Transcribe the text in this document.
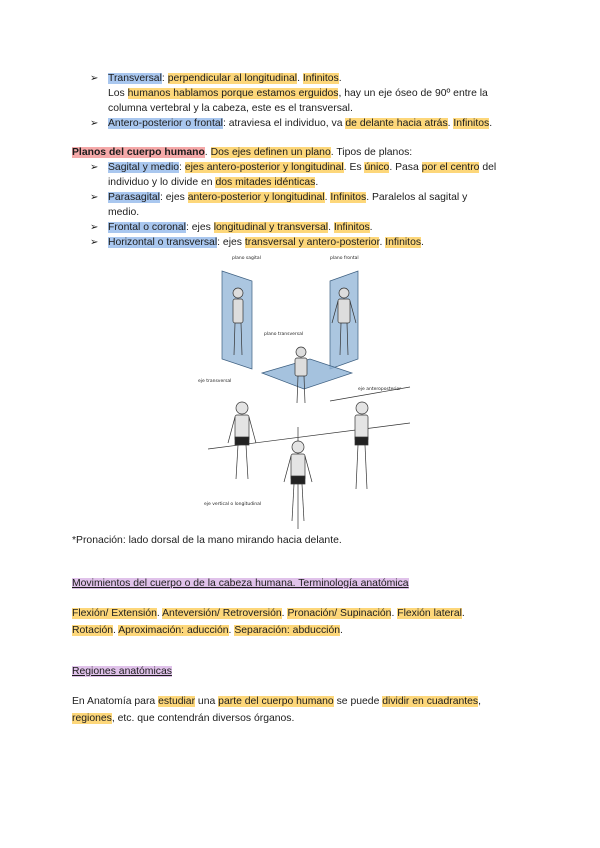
➢ Transversal: perpendicular al longitudinal. Infinitos.
Los humanos hablamos porque estamos erguidos, hay un eje óseo de 90º entre la
columna vertebral y la cabeza, este es el transversal.
➢ Antero-posterior o frontal: atraviesa el individuo, va de delante hacia atrás. Infinitos.
Planos del cuerpo humano. Dos ejes definen un plano. Tipos de planos:
➢ Sagital y medio: ejes antero-posterior y longitudinal. Es único. Pasa por el centro del
individuo y lo divide en dos mitades idénticas.
➢ Parasagital: ejes antero-posterior y longitudinal. Infinitos. Paralelos al sagital y
medio.
➢ Frontal o coronal: ejes longitudinal y transversal. Infinitos.
➢ Horizontal o transversal: ejes transversal y antero-posterior. Infinitos.
plano sagital	plano frontal
plano transversal
eje transversal
eje anteroposterior
eje vertical o longitudinal
*Pronación: lado dorsal de la mano mirando hacia delante.
Movimientos del cuerpo o de la cabeza humana. Terminología anatómica
Flexión/ Extensión. Anteversión/ Retroversión. Pronación/ Supinación. Flexión lateral.
Rotación. Aproximación: aducción. Separación: abducción.
Regiones anatómicas
En Anatomía para estudiar una parte del cuerpo humano se puede dividir en cuadrantes,
regiones, etc. que contendrán diversos órganos.
